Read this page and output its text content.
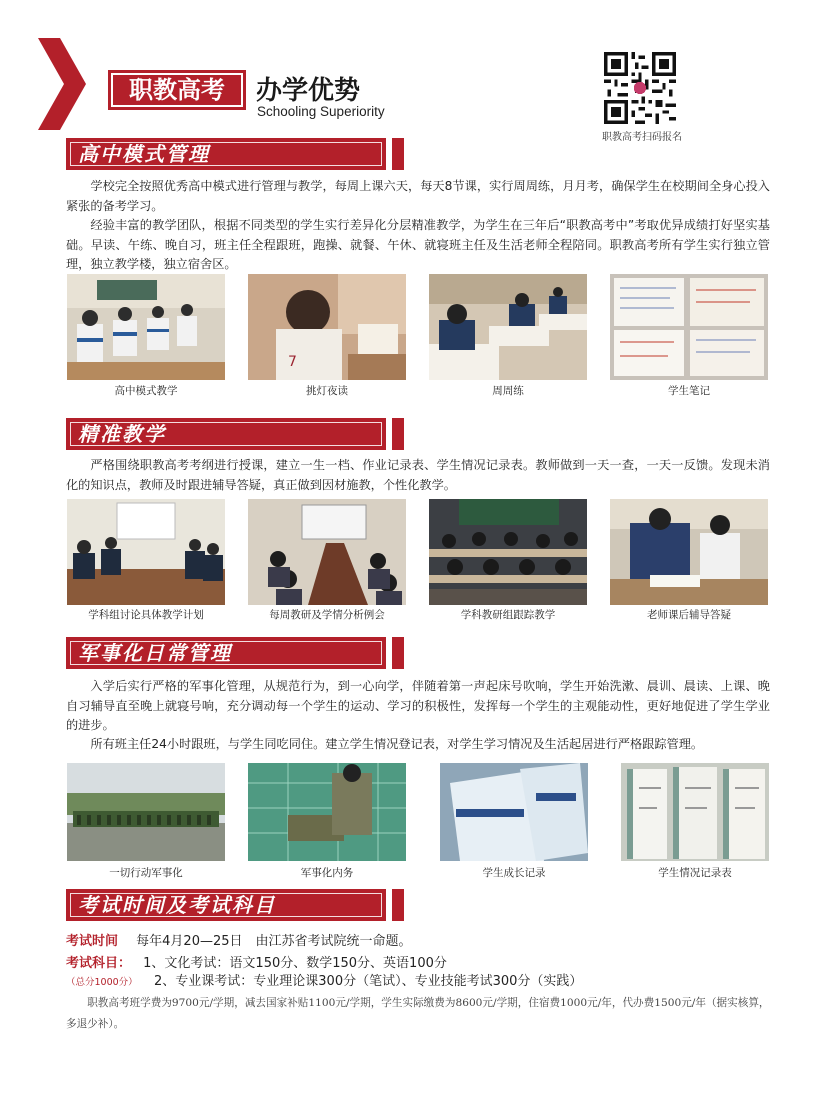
职教高考	办学优势
Schooling Superiority
职教高考扫码报名
高中模式管理

学校完全按照优秀高中模式进行管理与教学，每周上课六天，每天8节课，实行周周练，月月考，确保学生在校期间全身心投入紧张的备考学习。

经验丰富的教学团队，根据不同类型的学生实行差异化分层精准教学，为学生在三年后“职教高考中”考取优异成绩打好坚实基础。早读、午练、晚自习，班主任全程跟班，跑操、就餐、午休、就寝班主任及生活老师全程陪同。职教高考所有学生实行独立管理，独立教学楼，独立宿舍区。

高中模式教学
7
挑灯夜读	周周练	学生笔记
精准教学

严格围绕职教高考考纲进行授课，建立一生一档、作业记录表、学生情况记录表。教师做到一天一查，一天一反馈。发现未消化的知识点，教师及时跟进辅导答疑，真正做到因材施教，个性化教学。

学科组讨论具体教学计划	每周教研及学情分析例会	学科教研组跟踪教学	老师课后辅导答疑
军事化日常管理

入学后实行严格的军事化管理，从规范行为，到一心向学，伴随着第一声起床号吹响，学生开始洗漱、晨训、晨读、上课、晚自习辅导直至晚上就寝号响，充分调动每一个学生的运动、学习的积极性，发挥每一个学生的主观能动性，更好地促进了学生学业的进步。

所有班主任24小时跟班，与学生同吃同住。建立学生情况登记表，对学生学习情况及生活起居进行严格跟踪管理。

一切行动军事化	军事化内务	学生成长记录	学生情况记录表
考试时间及考试科目
考试时间 每年4月20—25日　由江苏省考试院统一命题。
考试科目： 1、文化考试：语文150分、数学150分、英语100分
（总分1000分） 2、专业课考试：专业理论课300分（笔试）、专业技能考试300分（实践）

职教高考班学费为9700元/学期，减去国家补贴1100元/学期，学生实际缴费为8600元/学期，住宿费1000元/年，代办费1500元/年（据实核算，多退少补）。
